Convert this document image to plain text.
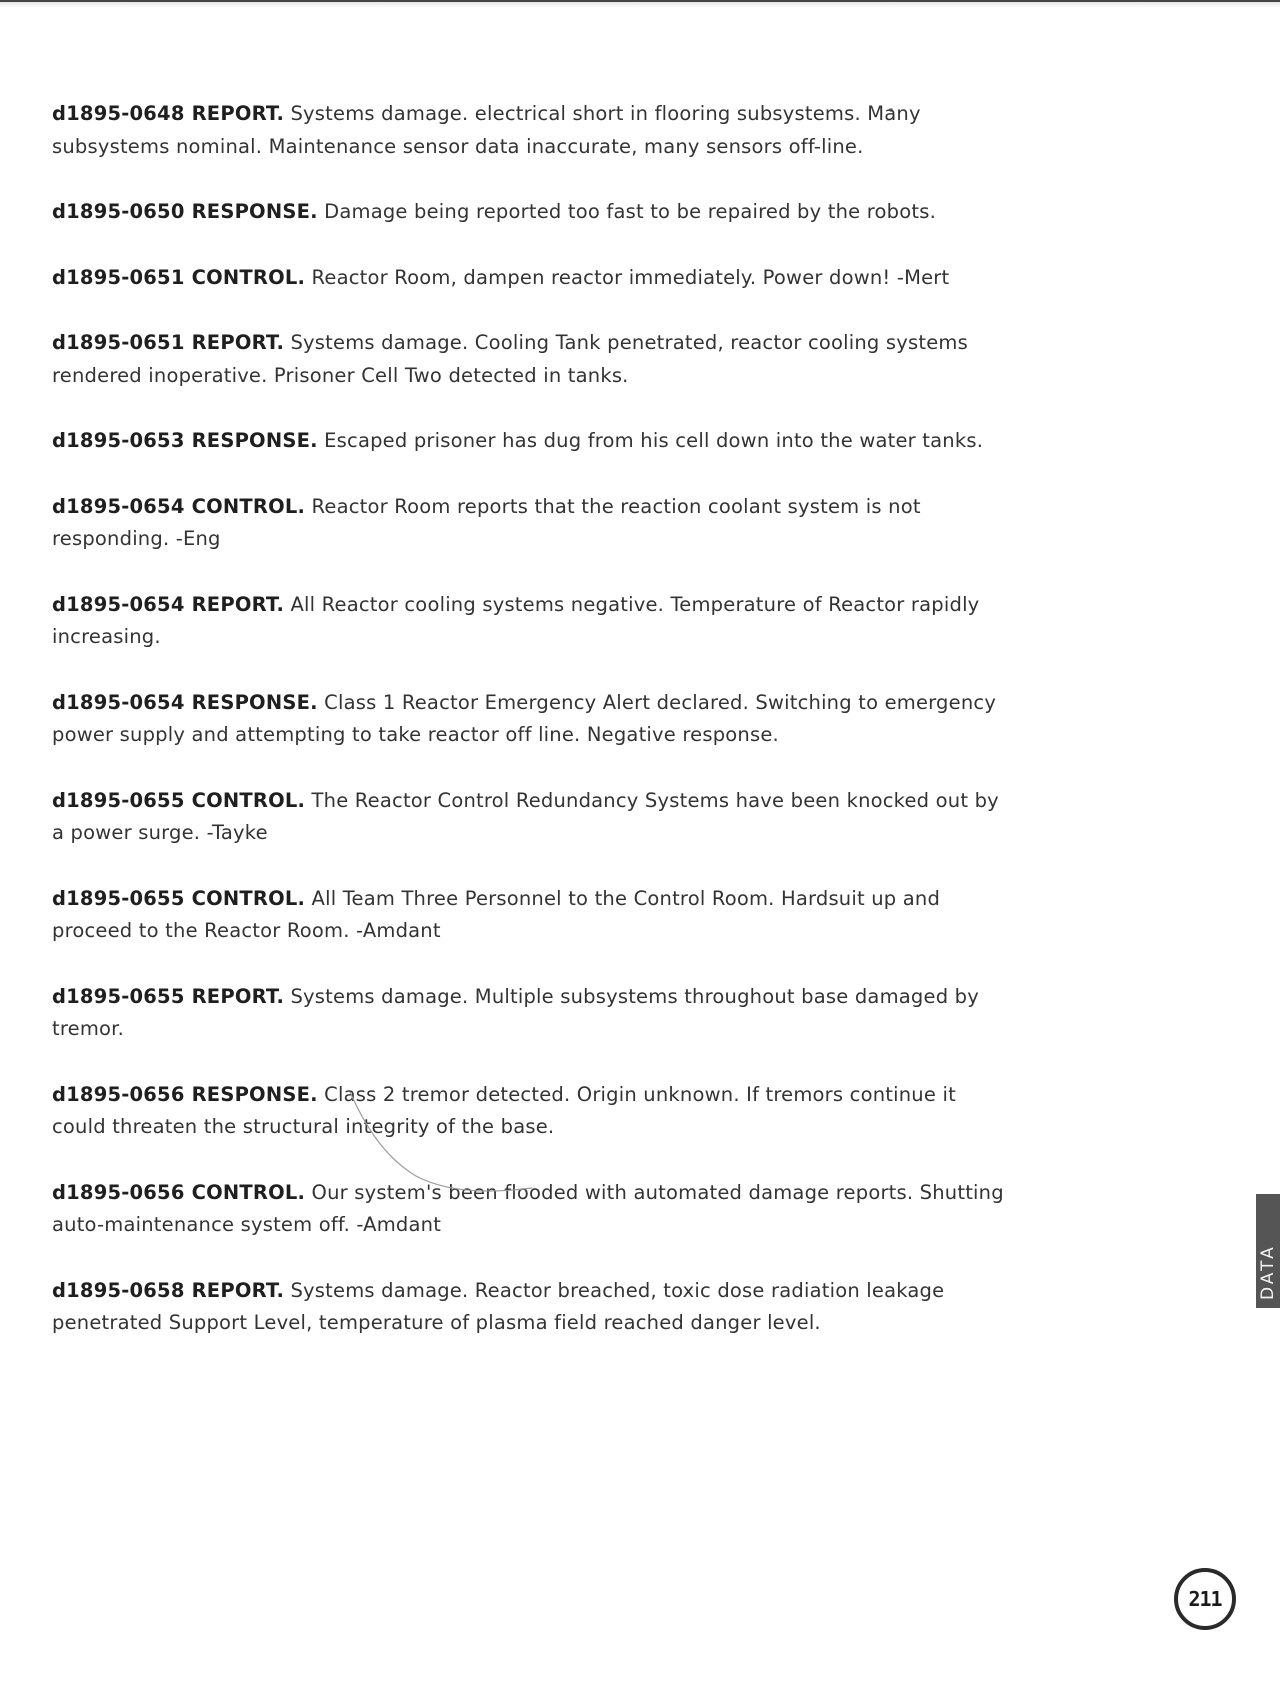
d1895-0648 REPORT. Systems damage. electrical short in flooring subsystems. Many subsystems nominal. Maintenance sensor data inaccurate, many sensors off-line.

d1895-0650 RESPONSE. Damage being reported too fast to be repaired by the robots.

d1895-0651 CONTROL. Reactor Room, dampen reactor immediately. Power down! -Mert

d1895-0651 REPORT. Systems damage. Cooling Tank penetrated, reactor cooling systems rendered inoperative. Prisoner Cell Two detected in tanks.

d1895-0653 RESPONSE. Escaped prisoner has dug from his cell down into the water tanks.

d1895-0654 CONTROL. Reactor Room reports that the reaction coolant system is not responding. -Eng

d1895-0654 REPORT. All Reactor cooling systems negative. Temperature of Reactor rapidly increasing.

d1895-0654 RESPONSE. Class 1 Reactor Emergency Alert declared. Switching to emergency power supply and attempting to take reactor off line. Negative response.

d1895-0655 CONTROL. The Reactor Control Redundancy Systems have been knocked out by a power surge. -Tayke

d1895-0655 CONTROL. All Team Three Personnel to the Control Room. Hardsuit up and proceed to the Reactor Room. -Amdant

d1895-0655 REPORT. Systems damage. Multiple subsystems throughout base damaged by tremor.

d1895-0656 RESPONSE. Class 2 tremor detected. Origin unknown. If tremors continue it could threaten the structural integrity of the base.

d1895-0656 CONTROL. Our system's been flooded with automated damage reports. Shutting auto-maintenance system off. -Amdant

d1895-0658 REPORT. Systems damage. Reactor breached, toxic dose radiation leakage penetrated Support Level, temperature of plasma field reached danger level.

DATA
211
